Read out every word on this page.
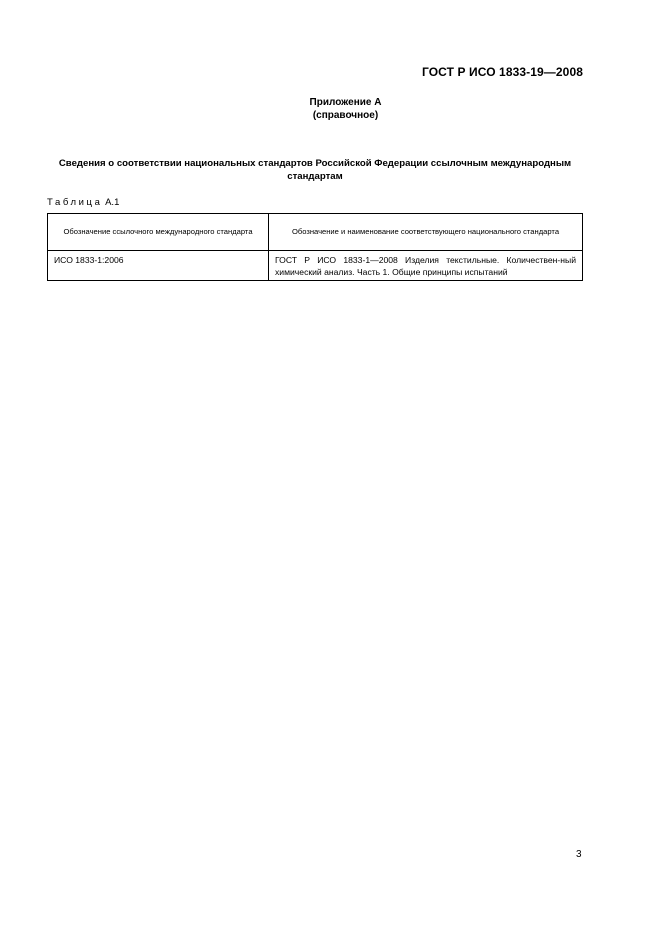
ГОСТ Р ИСО 1833-19—2008
Приложение А
(справочное)
Сведения о соответствии национальных стандартов Российской Федерации ссылочным международным стандартам
Таблица А.1
Обозначение ссылочного международного стандарта	Обозначение и наименование соответствующего национального стандарта
ИСО 1833-1:2006	ГОСТ Р ИСО 1833-1—2008 Изделия текстильные. Количествен-ный химический анализ. Часть 1. Общие принципы испытаний
3
